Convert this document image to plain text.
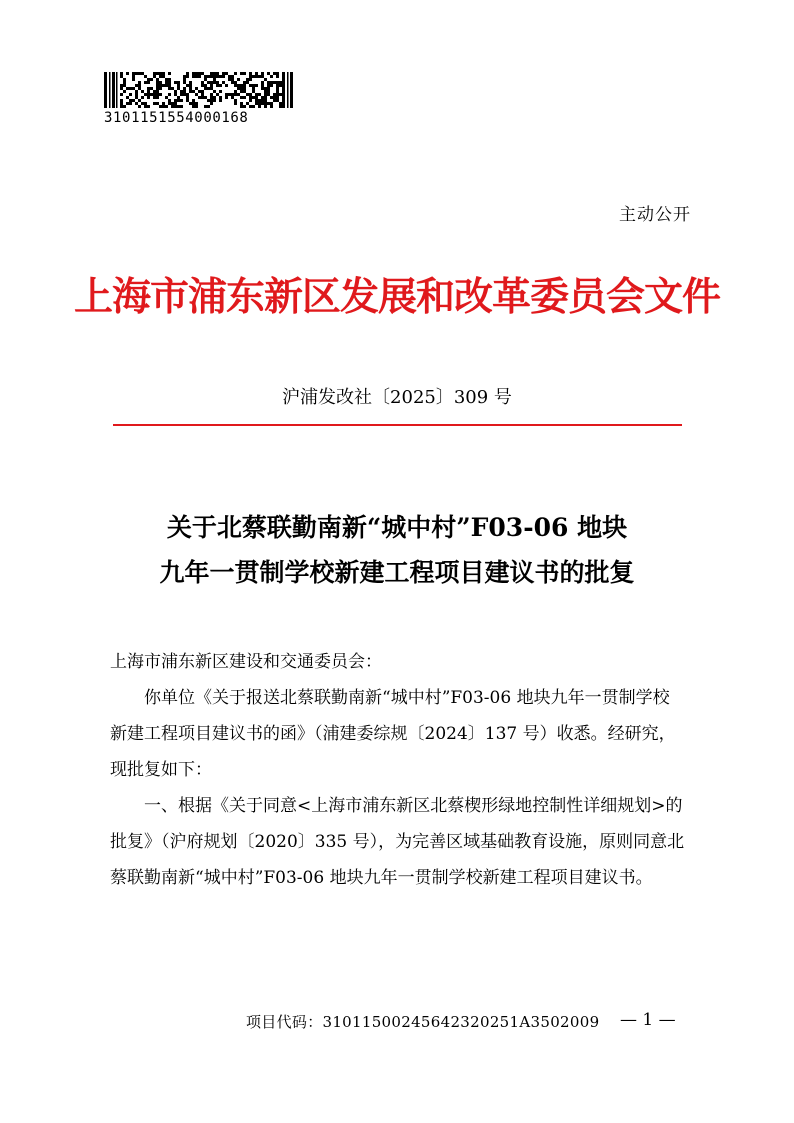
3101151554000168
主动公开
上海市浦东新区发展和改革委员会文件
沪浦发改社〔2025〕309 号
关于北蔡联勤南新“城中村”F03-06 地块
九年一贯制学校新建工程项目建议书的批复

上海市浦东新区建设和交通委员会：

你单位《关于报送北蔡联勤南新“城中村”F03-06 地块九年一贯制学校新建工程项目建议书的函》（浦建委综规〔2024〕137 号）收悉。经研究，现批复如下：

一、根据《关于同意<上海市浦东新区北蔡楔形绿地控制性详细规划>的批复》（沪府规划〔2020〕335 号），为完善区域基础教育设施，原则同意北蔡联勤南新“城中村”F03-06 地块九年一贯制学校新建工程项目建议书。

项目代码：31011500245642320251A3502009 — 1 —
